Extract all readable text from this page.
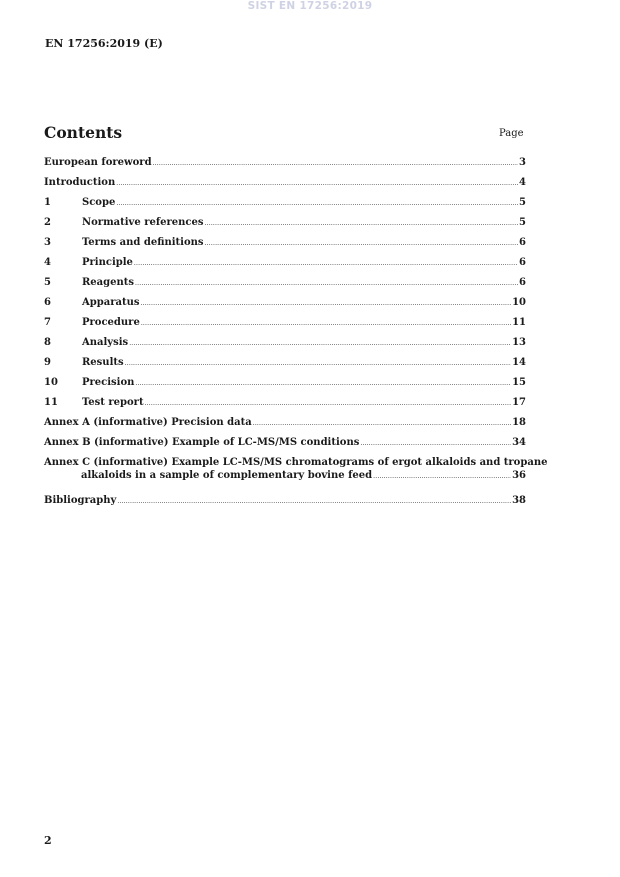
SIST EN 17256:2019
EN 17256:2019 (E)
Contents	Page
European foreword .....	3
Introduction .....	4
1	Scope .....	5
2	Normative references .....	5
3	Terms and definitions .....	6
4	Principle .....	6
5	Reagents .....	6
6	Apparatus .....	10
7	Procedure .....	11
8	Analysis .....	13
9	Results .....	14
10	Precision .....	15
11	Test report .....	17
Annex A (informative) Precision data .....	18
Annex B (informative) Example of LC-MS/MS conditions .....	34
Annex C (informative) Example LC-MS/MS chromatograms of ergot alkaloids and tropane
alkaloids in a sample of complementary bovine feed .....	36
Bibliography .....	38
2
